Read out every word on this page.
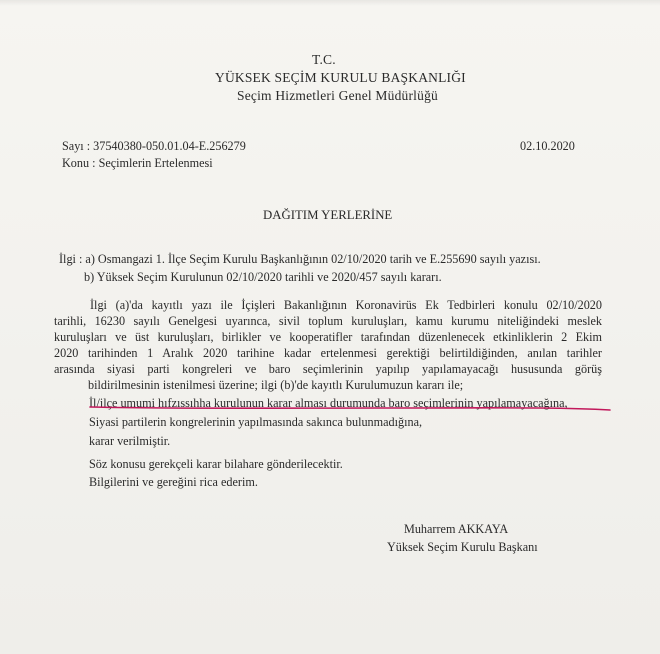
T.C.
YÜKSEK SEÇİM KURULU BAŞKANLIĞI
Seçim Hizmetleri Genel Müdürlüğü
Sayı : 37540380-050.01.04-E.256279
Konu : Seçimlerin Ertelenmesi
02.10.2020
DAĞITIM YERLERİNE
İlgi : a) Osmangazi 1. İlçe Seçim Kurulu Başkanlığının 02/10/2020 tarih ve E.255690 sayılı yazısı.
b) Yüksek Seçim Kurulunun 02/10/2020 tarihli ve 2020/457 sayılı kararı.
İlgi (a)'da kayıtlı yazı ile İçişleri Bakanlığının Koronavirüs Ek Tedbirleri konulu 02/10/2020
tarihli, 16230 sayılı Genelgesi uyarınca, sivil toplum kuruluşları, kamu kurumu niteliğindeki meslek
kuruluşları ve üst kuruluşları, birlikler ve kooperatifler tarafından düzenlenecek etkinliklerin 2 Ekim
2020 tarihinden 1 Aralık 2020 tarihine kadar ertelenmesi gerektiği belirtildiğinden, anılan tarihler
arasında siyasi parti kongreleri ve baro seçimlerinin yapılıp yapılamayacağı hususunda görüş
bildirilmesinin istenilmesi üzerine; ilgi (b)'de kayıtlı Kurulumuzun kararı ile;
İl/ilçe umumi hıfzıssıhha kurulunun karar alması durumunda baro seçimlerinin yapılamayacağına,
Siyasi partilerin kongrelerinin yapılmasında sakınca bulunmadığına,
karar verilmiştir.
Söz konusu gerekçeli karar bilahare gönderilecektir.
Bilgilerini ve gereğini rica ederim.
Muharrem AKKAYA
Yüksek Seçim Kurulu Başkanı
